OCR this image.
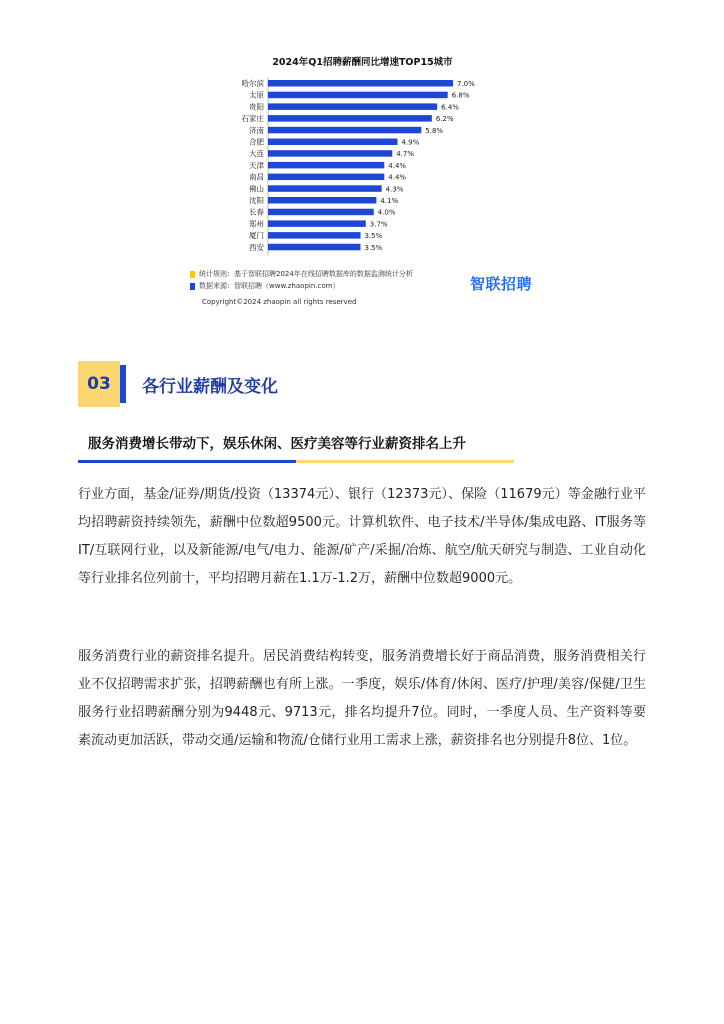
2024年Q1招聘薪酬同比增速TOP15城市
哈尔滨	7.0%
太原	6.8%
贵阳	6.4%
石家庄	6.2%
济南	5.8%
合肥	4.9%
大连	4.7%
天津	4.4%
南昌	4.4%
佛山	4.3%
沈阳	4.1%
长春	4.0%
郑州	3.7%
厦门	3.5%
西安	3.5%
统计规则：基于智联招聘2024年在线招聘数据库的数据监测统计分析
数据来源：智联招聘（www.zhaopin.com）	智联招聘
Copyright©2024 zhaopin all rights reserved
03	各行业薪酬及变化
服务消费增长带动下，娱乐休闲、医疗美容等行业薪资排名上升
行业方面，基金/证券/期货/投资（13374元）、银行（12373元）、保险（11679元）等金融行业平均招聘薪资持续领先，薪酬中位数超9500元。计算机软件、电子技术/半导体/集成电路、IT服务等IT/互联网行业，以及新能源/电气/电力、能源/矿产/采掘/冶炼、航空/航天研究与制造、工业自动化等行业排名位列前十，平均招聘月薪在1.1万-1.2万，薪酬中位数超9000元。
服务消费行业的薪资排名提升。居民消费结构转变，服务消费增长好于商品消费，服务消费相关行业不仅招聘需求扩张，招聘薪酬也有所上涨。一季度，娱乐/体育/休闲、医疗/护理/美容/保健/卫生服务行业招聘薪酬分别为9448元、9713元，排名均提升7位。同时，一季度人员、生产资料等要素流动更加活跃，带动交通/运输和物流/仓储行业用工需求上涨，薪资排名也分别提升8位、1位。
